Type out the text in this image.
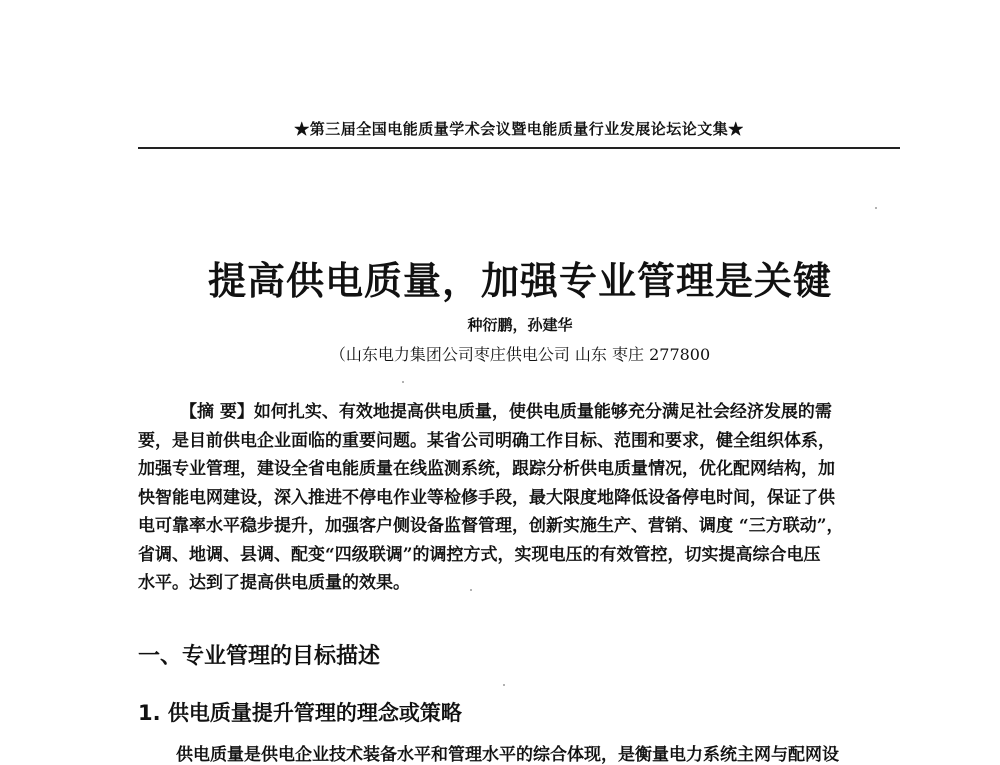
★第三届全国电能质量学术会议暨电能质量行业发展论坛论文集★
提高供电质量，加强专业管理是关键
种衍鹏，孙建华
（山东电力集团公司枣庄供电公司 山东 枣庄 277800
【摘 要】如何扎实、有效地提高供电质量，使供电质量能够充分满足社会经济发展的需
要，是目前供电企业面临的重要问题。某省公司明确工作目标、范围和要求，健全组织体系，
加强专业管理，建设全省电能质量在线监测系统，跟踪分析供电质量情况，优化配网结构，加
快智能电网建设，深入推进不停电作业等检修手段，最大限度地降低设备停电时间，保证了供
电可靠率水平稳步提升，加强客户侧设备监督管理，创新实施生产、营销、调度 “三方联动”，
省调、地调、县调、配变“四级联调”的调控方式，实现电压的有效管控，切实提高综合电压
水平。达到了提高供电质量的效果。
一、专业管理的目标描述
1. 供电质量提升管理的理念或策略
供电质量是供电企业技术装备水平和管理水平的综合体现，是衡量电力系统主网与配网设
